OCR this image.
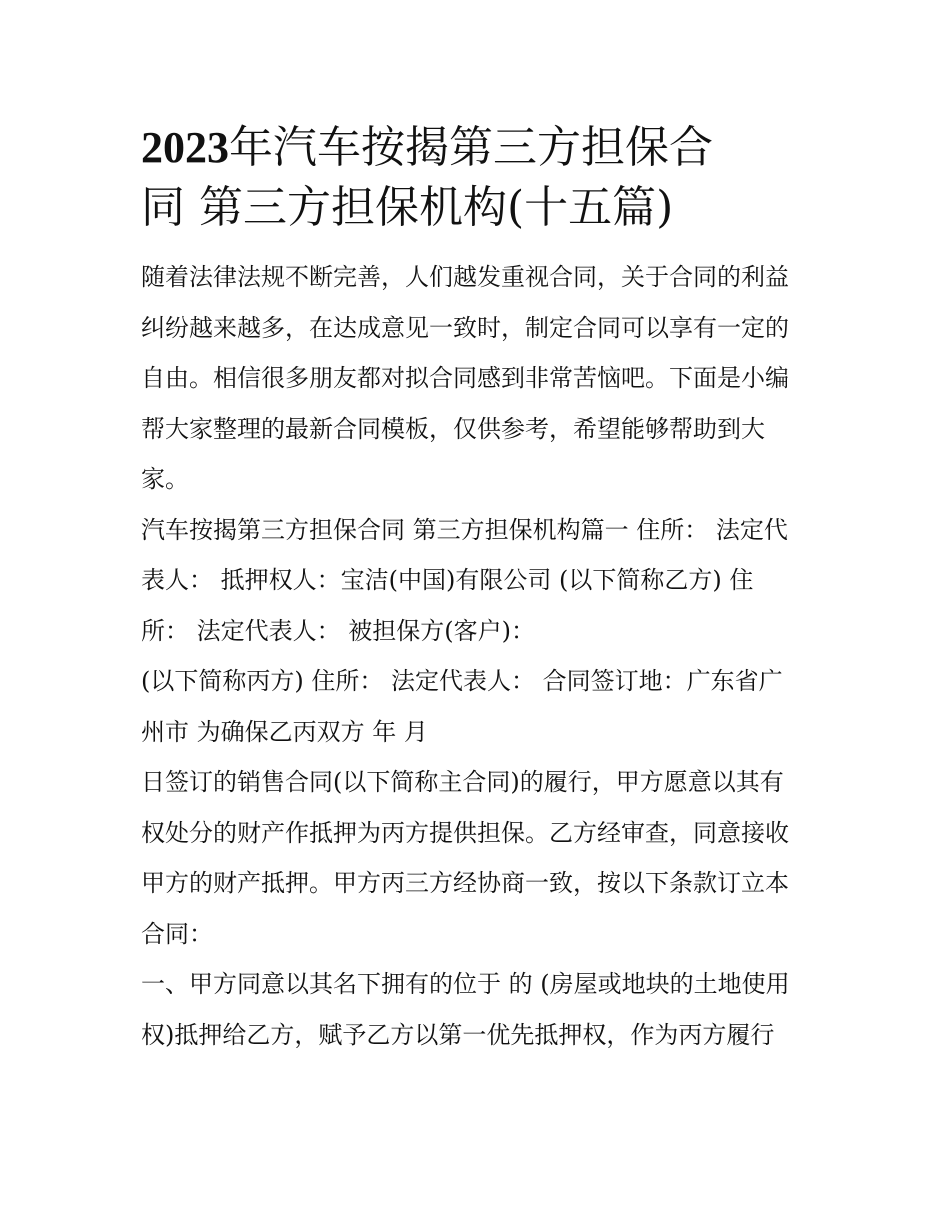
2023年汽车按揭第三方担保合
同 第三方担保机构(十五篇)

随着法律法规不断完善，人们越发重视合同，关于合同的利益
纠纷越来越多，在达成意见一致时，制定合同可以享有一定的
自由。相信很多朋友都对拟合同感到非常苦恼吧。下面是小编
帮大家整理的最新合同模板，仅供参考，希望能够帮助到大
家。

汽车按揭第三方担保合同 第三方担保机构篇一 住所： 法定代
表人： 抵押权人：宝洁(中国)有限公司 (以下简称乙方) 住
所： 法定代表人： 被担保方(客户)：

(以下简称丙方) 住所： 法定代表人： 合同签订地：广东省广
州市 为确保乙丙双方 年 月

日签订的销售合同(以下简称主合同)的履行，甲方愿意以其有
权处分的财产作抵押为丙方提供担保。乙方经审查，同意接收
甲方的财产抵押。甲方丙三方经协商一致，按以下条款订立本
合同：

一、甲方同意以其名下拥有的位于 的 (房屋或地块的土地使用
权)抵押给乙方，赋予乙方以第一优先抵押权，作为丙方履行
